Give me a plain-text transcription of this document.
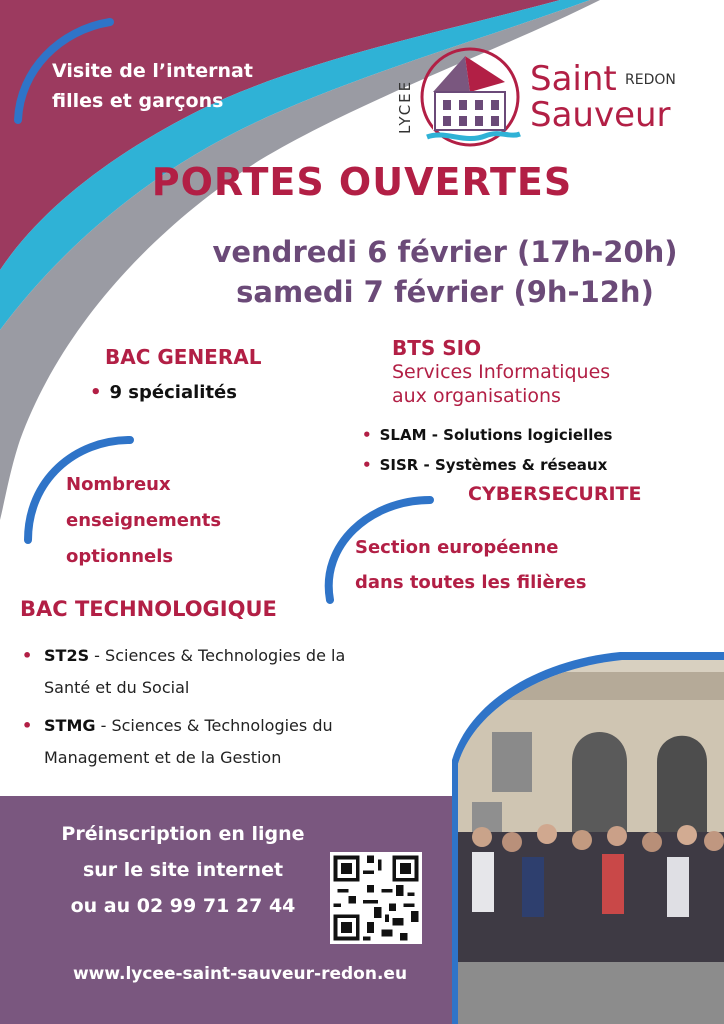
Visite de l’internat
filles et garçons	LYCEE
Saint REDON
Sauveur
PORTES OUVERTES
vendredi 6 février (17h-20h)
samedi 7 février (9h-12h)
BAC GENERAL
• 9 spécialités
BTS SIO
Services Informatiques
aux organisations
• SLAM - Solutions logicielles
• SISR - Systèmes & réseaux
CYBERSECURITE
Nombreux
enseignements
optionnels	Section européenne
dans toutes les filières
BAC TECHNOLOGIQUE
• ST2S - Sciences & Technologies de la
Santé et du Social
• STMG - Sciences & Technologies du
Management et de la Gestion
Préinscription en ligne
sur le site internet
ou au 02 99 71 27 44
www.lycee-saint-sauveur-redon.eu
